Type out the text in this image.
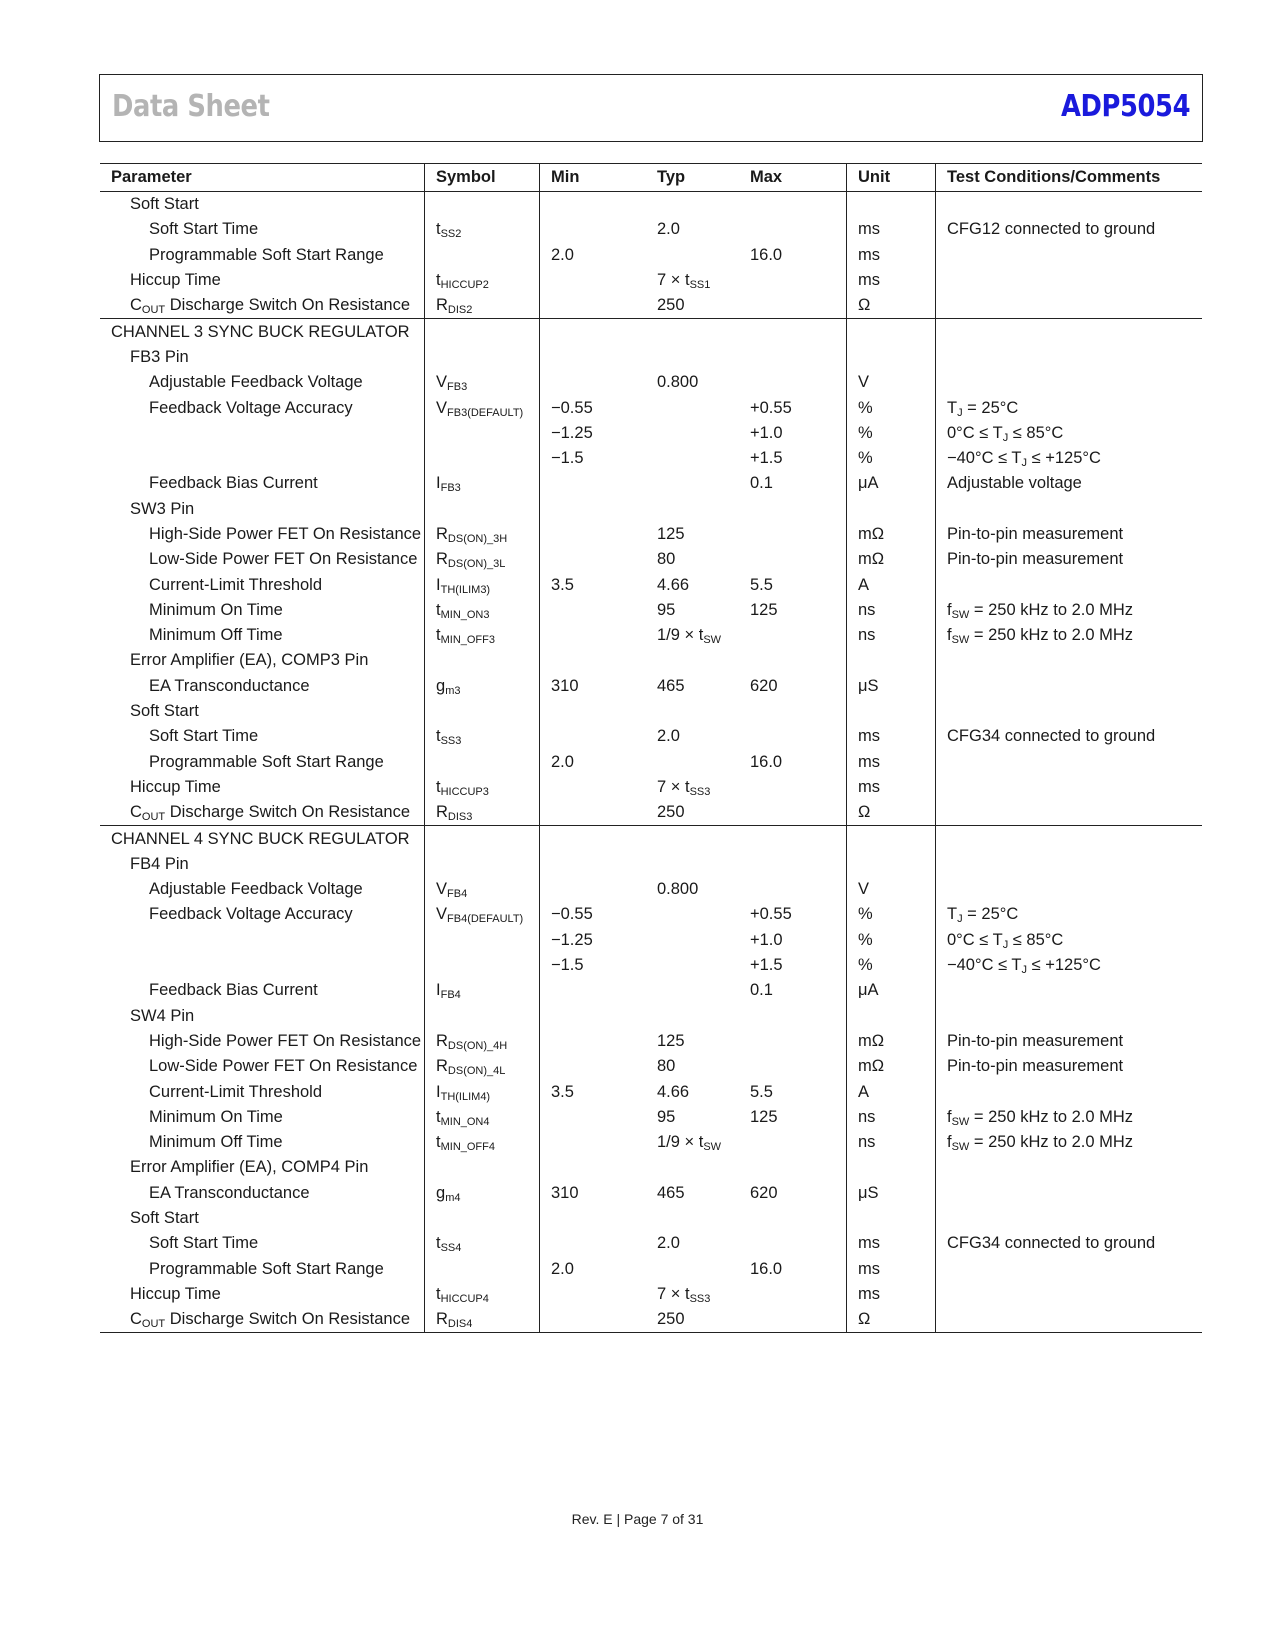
Data Sheet	ADP5054
Parameter	Symbol	Min	Typ	Max	Unit	Test Conditions/Comments
Soft Start						
Soft Start Time	$t_{SS2}$		2.0		ms	CFG12 connected to ground
Programmable Soft Start Range		2.0		16.0	ms	
Hiccup Time	$t_{HICCUP2}$		$7 \times t_{SS1}$		ms	
$C_{OUT}$ Discharge Switch On Resistance	$R_{DIS2}$		250		Ω	
CHANNEL 3 SYNC BUCK REGULATOR						
FB3 Pin						
Adjustable Feedback Voltage	$V_{FB3}$		0.800		V	
Feedback Voltage Accuracy	$V_{FB3(DEFAULT)}$	−0.55		+0.55	%	$T_J = 25^\circ C$
		−1.25		+1.0	%	$0^\circ C \le T_J \le 85^\circ C$
		−1.5		+1.5	%	$-40^\circ C \le T_J \le +125^\circ C$
Feedback Bias Current	$I_{FB3}$			0.1	μA	Adjustable voltage
SW3 Pin						
High-Side Power FET On Resistance	$R_{DS(ON)\_3H}$		125		mΩ	Pin-to-pin measurement
Low-Side Power FET On Resistance	$R_{DS(ON)\_3L}$		80		mΩ	Pin-to-pin measurement
Current-Limit Threshold	$I_{TH(ILIM3)}$	3.5	4.66	5.5	A	
Minimum On Time	$t_{MIN\_ON3}$		95	125	ns	$f_{SW} = 250$ kHz to 2.0 MHz
Minimum Off Time	$t_{MIN\_OFF3}$		$1/9 \times t_{SW}$		ns	$f_{SW} = 250$ kHz to 2.0 MHz
Error Amplifier (EA), COMP3 Pin						
EA Transconductance	$g_{m3}$	310	465	620	μS	
Soft Start						
Soft Start Time	$t_{SS3}$		2.0		ms	CFG34 connected to ground
Programmable Soft Start Range		2.0		16.0	ms	
Hiccup Time	$t_{HICCUP3}$		$7 \times t_{SS3}$		ms	
$C_{OUT}$ Discharge Switch On Resistance	$R_{DIS3}$		250		Ω	
CHANNEL 4 SYNC BUCK REGULATOR						
FB4 Pin						
Adjustable Feedback Voltage	$V_{FB4}$		0.800		V	
Feedback Voltage Accuracy	$V_{FB4(DEFAULT)}$	−0.55		+0.55	%	$T_J = 25^\circ C$
		−1.25		+1.0	%	$0^\circ C \le T_J \le 85^\circ C$
		−1.5		+1.5	%	$-40^\circ C \le T_J \le +125^\circ C$
Feedback Bias Current	$I_{FB4}$			0.1	μA	
SW4 Pin						
High-Side Power FET On Resistance	$R_{DS(ON)\_4H}$		125		mΩ	Pin-to-pin measurement
Low-Side Power FET On Resistance	$R_{DS(ON)\_4L}$		80		mΩ	Pin-to-pin measurement
Current-Limit Threshold	$I_{TH(ILIM4)}$	3.5	4.66	5.5	A	
Minimum On Time	$t_{MIN\_ON4}$		95	125	ns	$f_{SW} = 250$ kHz to 2.0 MHz
Minimum Off Time	$t_{MIN\_OFF4}$		$1/9 \times t_{SW}$		ns	$f_{SW} = 250$ kHz to 2.0 MHz
Error Amplifier (EA), COMP4 Pin						
EA Transconductance	$g_{m4}$	310	465	620	μS	
Soft Start						
Soft Start Time	$t_{SS4}$		2.0		ms	CFG34 connected to ground
Programmable Soft Start Range		2.0		16.0	ms	
Hiccup Time	$t_{HICCUP4}$		$7 \times t_{SS3}$		ms	
$C_{OUT}$ Discharge Switch On Resistance	$R_{DIS4}$		250		Ω	
Rev. E | Page 7 of 31
